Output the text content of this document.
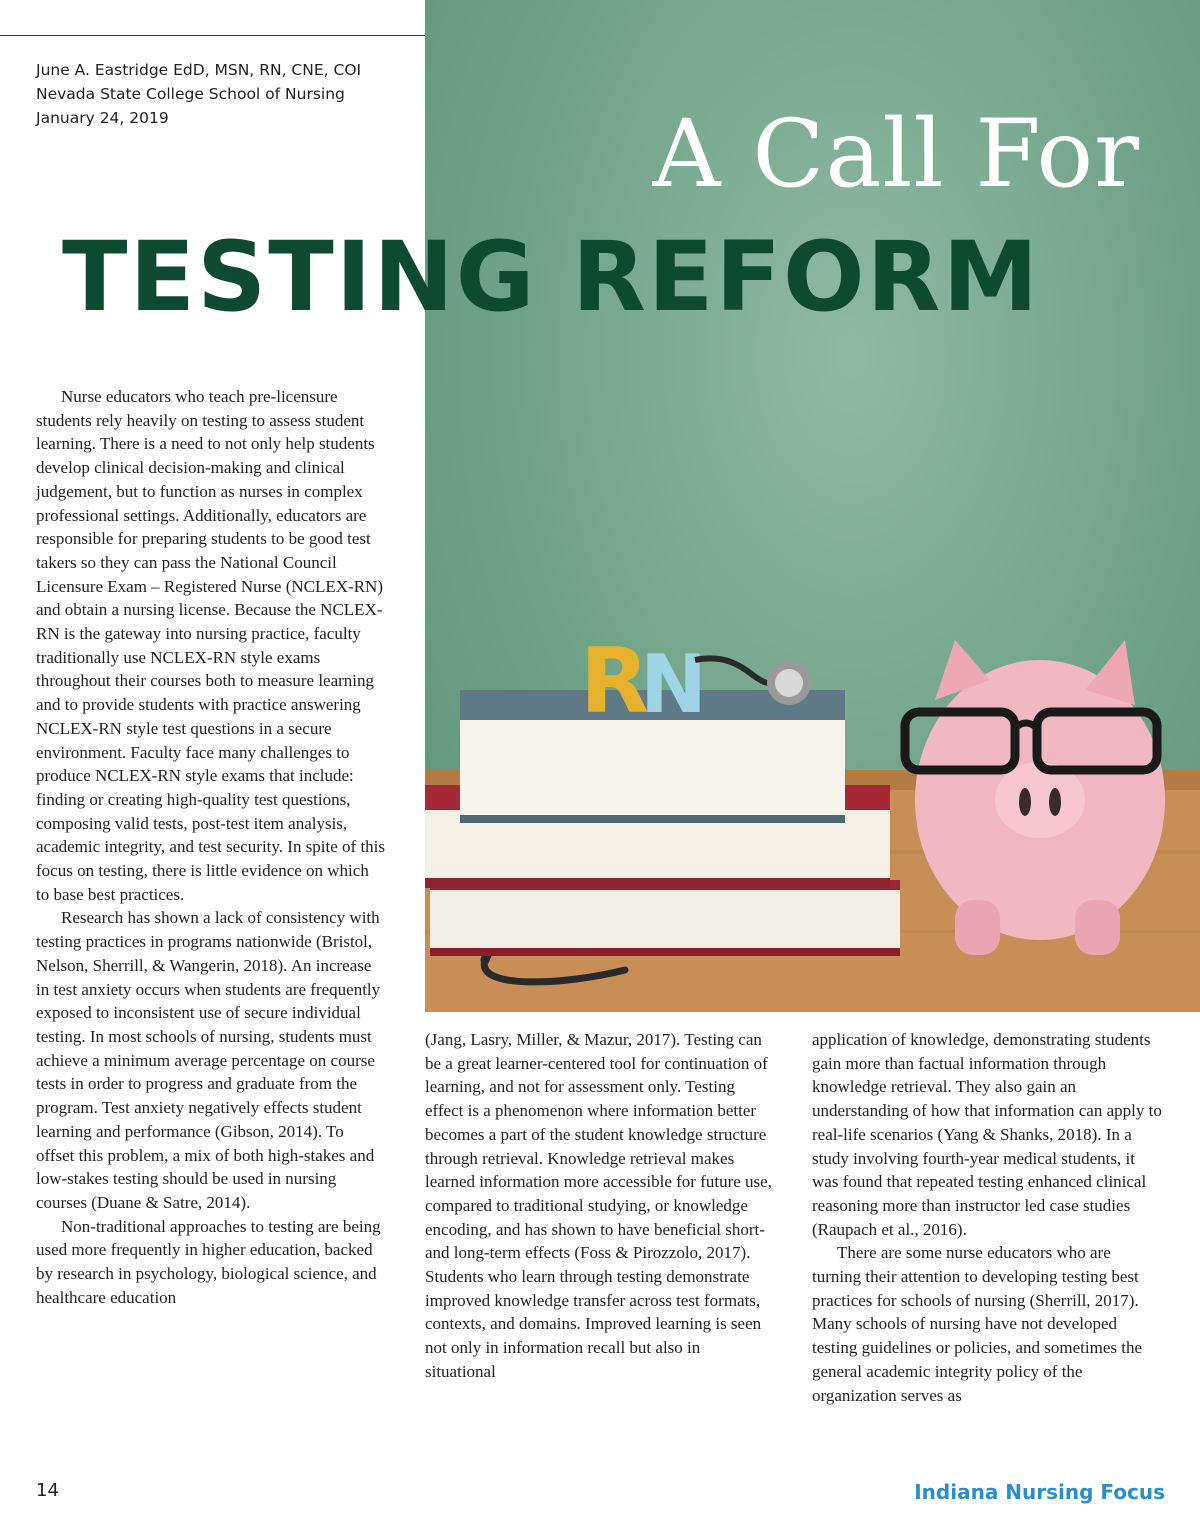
June A. Eastridge EdD, MSN, RN, CNE, COI
Nevada State College School of Nursing
January 24, 2019
R
N
A Call For
TESTING REFORM

Nurse educators who teach pre-licensure students rely heavily on testing to assess student learning. There is a need to not only help students develop clinical decision-making and clinical judgement, but to function as nurses in complex professional settings. Additionally, educators are responsible for preparing students to be good test takers so they can pass the National Council Licensure Exam – Registered Nurse (NCLEX-RN) and obtain a nursing license. Because the NCLEX-RN is the gateway into nursing practice, faculty traditionally use NCLEX-RN style exams throughout their courses both to measure learning and to provide students with practice answering NCLEX-RN style test questions in a secure environment. Faculty face many challenges to produce NCLEX-RN style exams that include: finding or creating high-quality test questions, composing valid tests, post-test item analysis, academic integrity, and test security. In spite of this focus on testing, there is little evidence on which to base best practices.

Research has shown a lack of consistency with testing practices in programs nationwide (Bristol, Nelson, Sherrill, & Wangerin, 2018). An increase in test anxiety occurs when students are frequently exposed to inconsistent use of secure individual testing. In most schools of nursing, students must achieve a minimum average percentage on course tests in order to progress and graduate from the program. Test anxiety negatively effects student learning and performance (Gibson, 2014). To offset this problem, a mix of both high-stakes and low-stakes testing should be used in nursing courses (Duane & Satre, 2014).

Non-traditional approaches to testing are being used more frequently in higher education, backed by research in psychology, biological science, and healthcare education

(Jang, Lasry, Miller, & Mazur, 2017). Testing can be a great learner-centered tool for continuation of learning, and not for assessment only. Testing effect is a phenomenon where information better becomes a part of the student knowledge structure through retrieval. Knowledge retrieval makes learned information more accessible for future use, compared to traditional studying, or knowledge encoding, and has shown to have beneficial short- and long-term effects (Foss & Pirozzolo, 2017). Students who learn through testing demonstrate improved knowledge transfer across test formats, contexts, and domains. Improved learning is seen not only in information recall but also in situational

application of knowledge, demonstrating students gain more than factual information through knowledge retrieval. They also gain an understanding of how that information can apply to real-life scenarios (Yang & Shanks, 2018). In a study involving fourth-year medical students, it was found that repeated testing enhanced clinical reasoning more than instructor led case studies (Raupach et al., 2016).

There are some nurse educators who are turning their attention to developing testing best practices for schools of nursing (Sherrill, 2017). Many schools of nursing have not developed testing guidelines or policies, and sometimes the general academic integrity policy of the organization serves as

14	Indiana Nursing Focus
